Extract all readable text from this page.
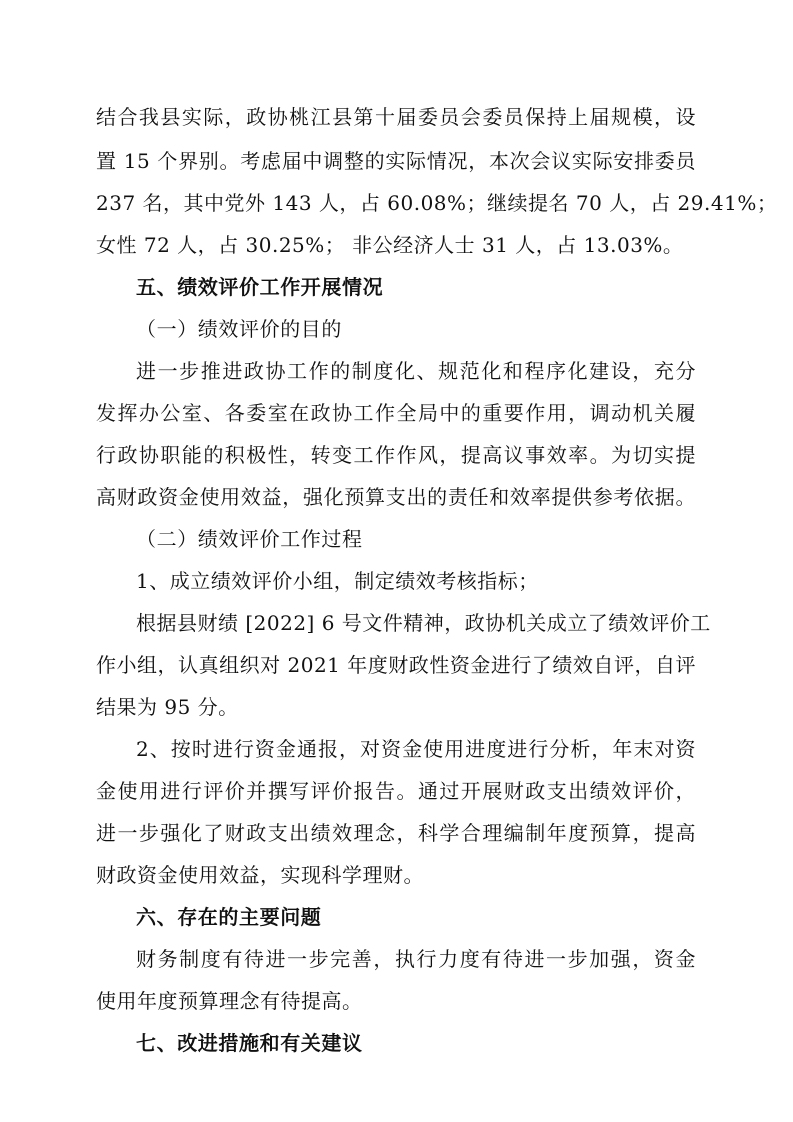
结合我县实际，政协桃江县第十届委员会委员保持上届规模，设
置 15 个界别。考虑届中调整的实际情况，本次会议实际安排委员
237 名，其中党外 143 人，占 60.08%；继续提名 70 人，占 29.41%；
女性 72 人，占 30.25%； 非公经济人士 31 人，占 13.03%。
五、绩效评价工作开展情况
（一）绩效评价的目的
进一步推进政协工作的制度化、规范化和程序化建设，充分
发挥办公室、各委室在政协工作全局中的重要作用，调动机关履
行政协职能的积极性，转变工作作风，提高议事效率。为切实提
高财政资金使用效益，强化预算支出的责任和效率提供参考依据。
（二）绩效评价工作过程
1、成立绩效评价小组，制定绩效考核指标；
根据县财绩 [2022] 6 号文件精神，政协机关成立了绩效评价工
作小组，认真组织对 2021 年度财政性资金进行了绩效自评，自评
结果为 95 分。
2、按时进行资金通报，对资金使用进度进行分析，年末对资
金使用进行评价并撰写评价报告。通过开展财政支出绩效评价，
进一步强化了财政支出绩效理念，科学合理编制年度预算，提高
财政资金使用效益，实现科学理财。
六、存在的主要问题
财务制度有待进一步完善，执行力度有待进一步加强，资金
使用年度预算理念有待提高。
七、改进措施和有关建议
